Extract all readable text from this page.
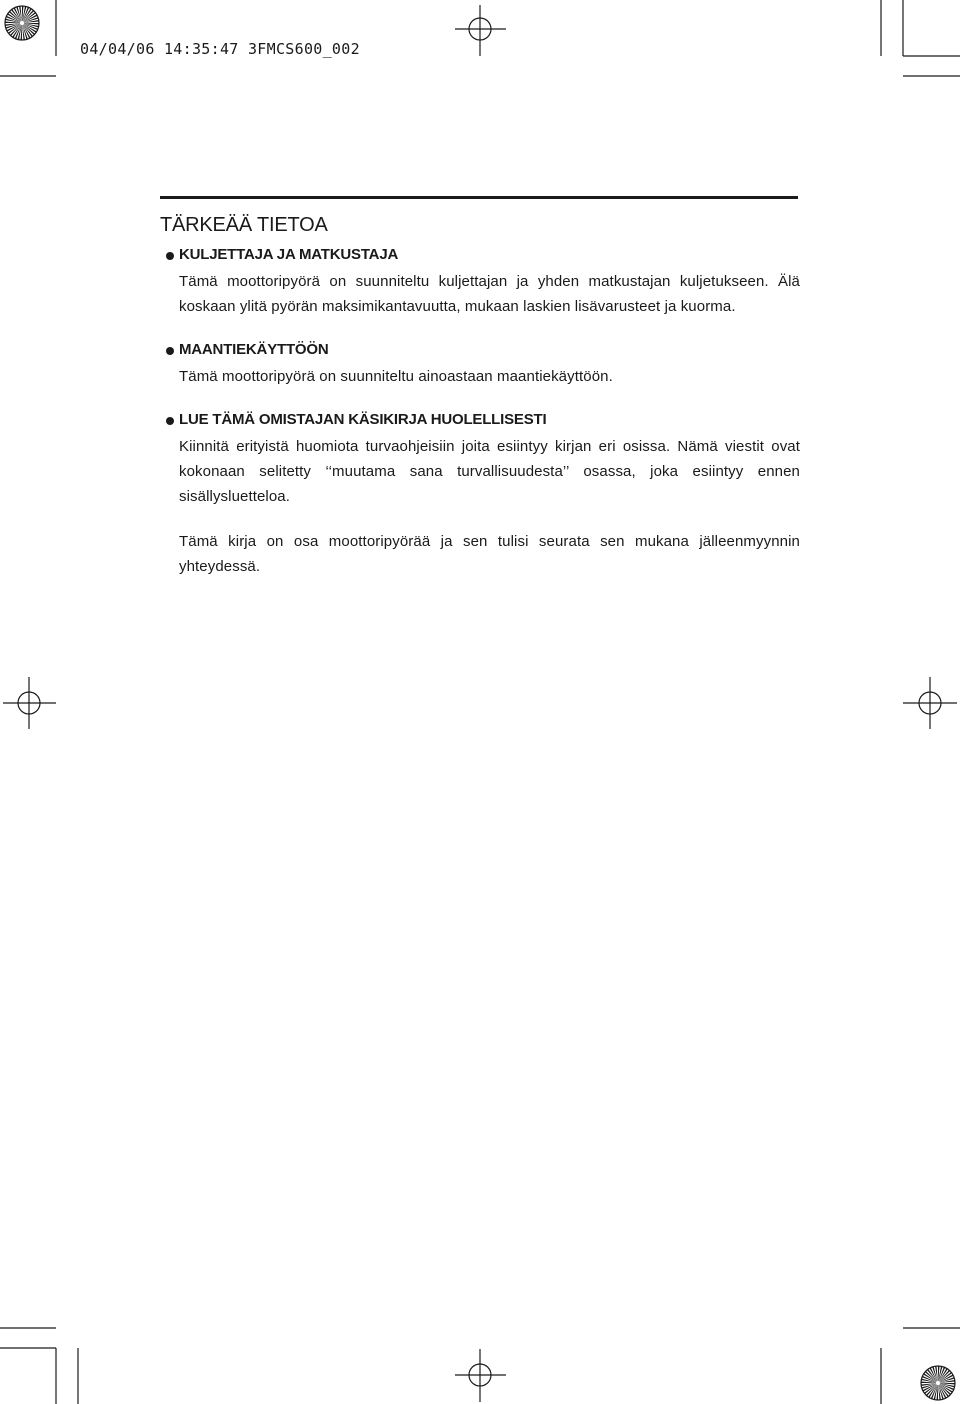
04/04/06 14:35:47 3FMCS600_002
TÄRKEÄÄ TIETOA
KULJETTAJA JA MATKUSTAJA

Tämä moottoripyörä on suunniteltu kuljettajan ja yhden matkustajan kuljetukseen. Älä koskaan ylitä pyörän maksimikantavuutta, mukaan laskien lisävarusteet ja kuorma.

MAANTIEKÄYTTÖÖN

Tämä moottoripyörä on suunniteltu ainoastaan maantiekäyttöön.

LUE TÄMÄ OMISTAJAN KÄSIKIRJA HUOLELLISESTI

Kiinnitä erityistä huomiota turvaohjeisiin joita esiintyy kirjan eri osissa. Nämä viestit ovat kokonaan selitetty ‘‘muutama sana turvallisuudesta’’ osassa, joka esiintyy ennen sisällysluetteloa.

Tämä kirja on osa moottoripyörää ja sen tulisi seurata sen mukana jälleenmyynnin yhteydessä.
